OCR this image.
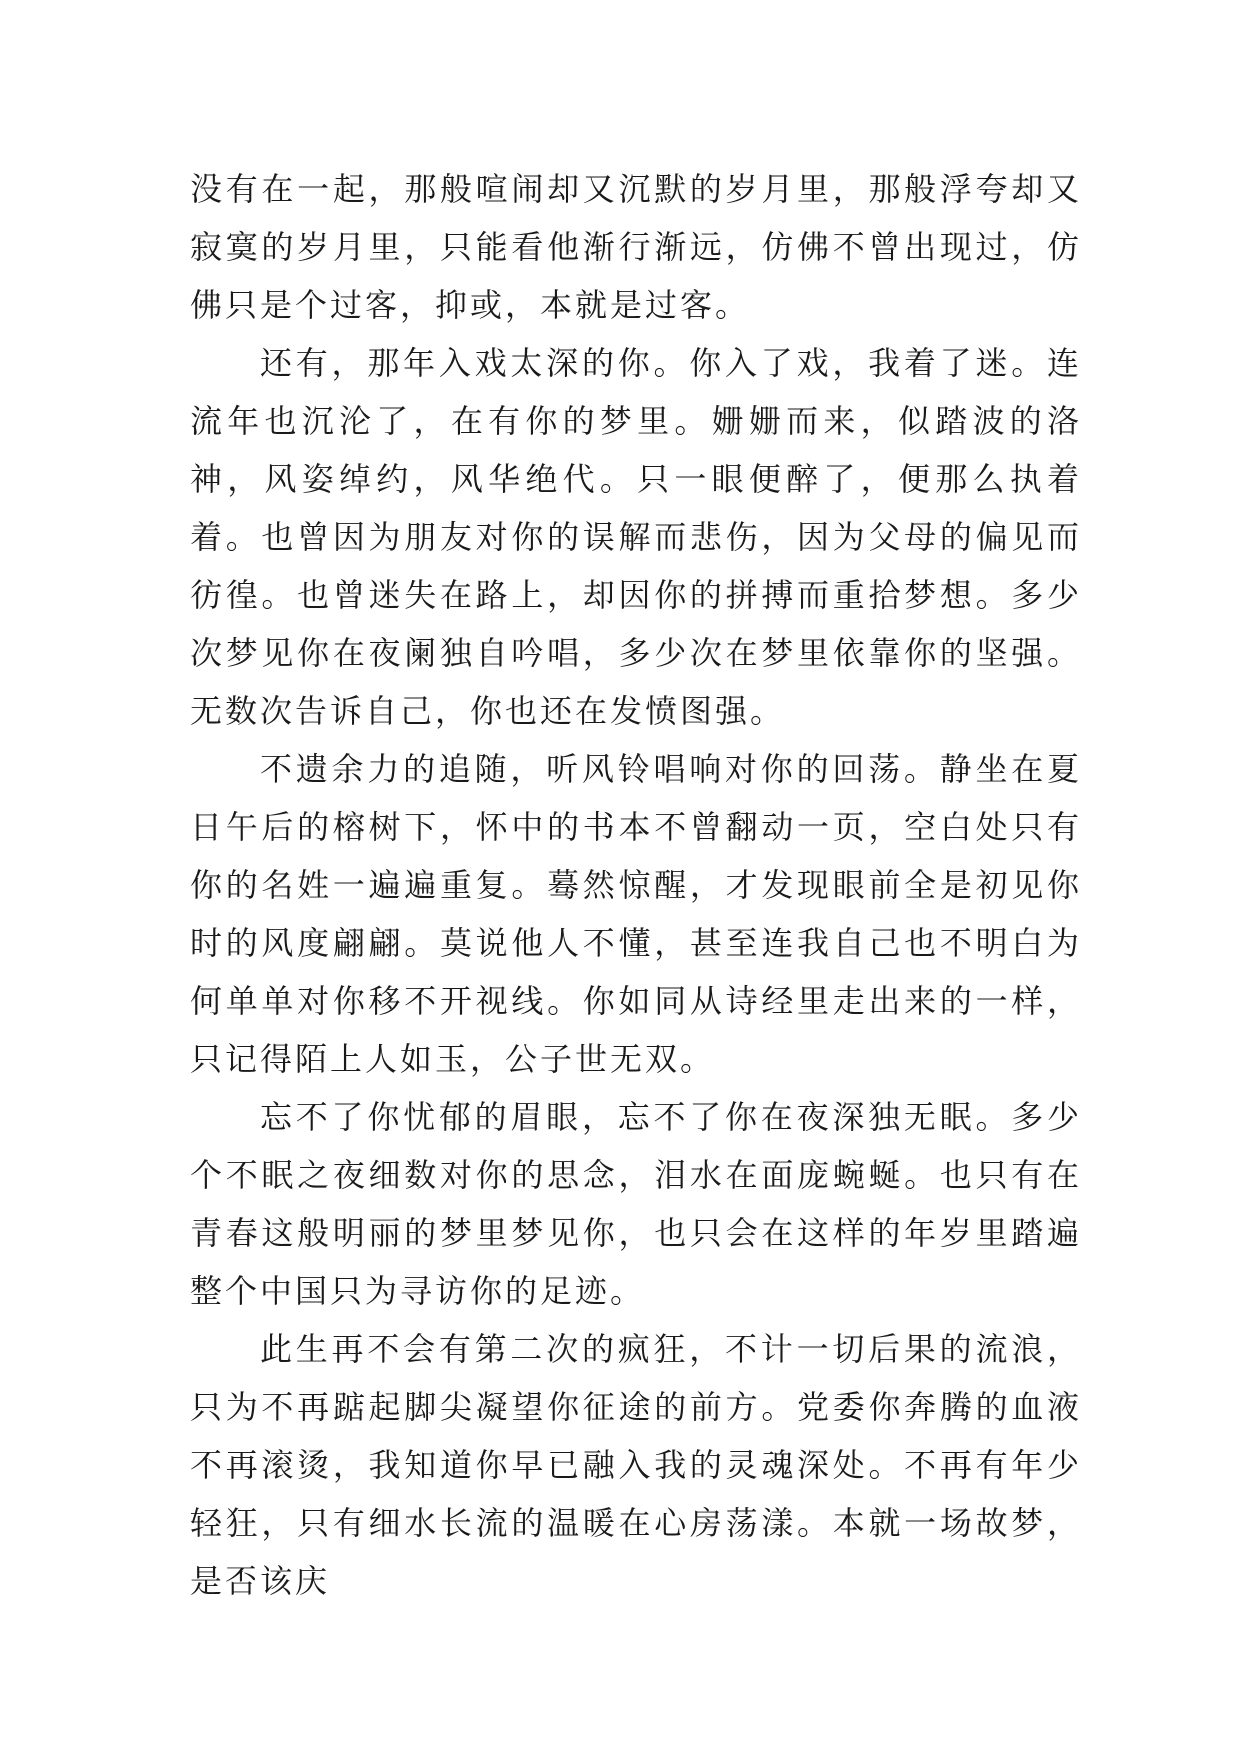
没有在一起，那般喧闹却又沉默的岁月里，那般浮夸却又寂寞的岁月里，只能看他渐行渐远，仿佛不曾出现过，仿佛只是个过客，抑或，本就是过客。

还有，那年入戏太深的你。你入了戏，我着了迷。连流年也沉沦了，在有你的梦里。姗姗而来，似踏波的洛神，风姿绰约，风华绝代。只一眼便醉了，便那么执着着。也曾因为朋友对你的误解而悲伤，因为父母的偏见而彷徨。也曾迷失在路上，却因你的拼搏而重拾梦想。多少次梦见你在夜阑独自吟唱，多少次在梦里依靠你的坚强。无数次告诉自己，你也还在发愤图强。

不遗余力的追随，听风铃唱响对你的回荡。静坐在夏日午后的榕树下，怀中的书本不曾翻动一页，空白处只有你的名姓一遍遍重复。蓦然惊醒，才发现眼前全是初见你时的风度翩翩。莫说他人不懂，甚至连我自己也不明白为何单单对你移不开视线。你如同从诗经里走出来的一样，只记得陌上人如玉，公子世无双。

忘不了你忧郁的眉眼，忘不了你在夜深独无眠。多少个不眠之夜细数对你的思念，泪水在面庞蜿蜒。也只有在青春这般明丽的梦里梦见你，也只会在这样的年岁里踏遍整个中国只为寻访你的足迹。

此生再不会有第二次的疯狂，不计一切后果的流浪，只为不再踮起脚尖凝望你征途的前方。党委你奔腾的血液不再滚烫，我知道你早已融入我的灵魂深处。不再有年少轻狂，只有细水长流的温暖在心房荡漾。本就一场故梦，是否该庆
